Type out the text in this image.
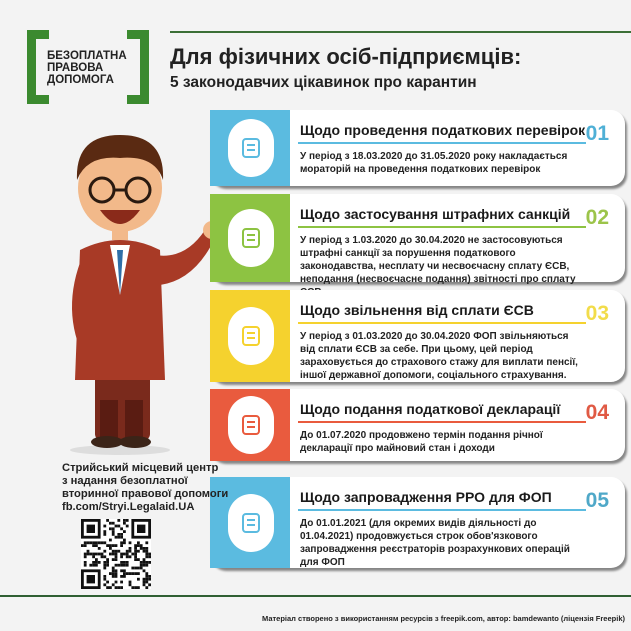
БЕЗОПЛАТНА
ПРАВОВА
ДОПОМОГА
Для фізичних осіб-підприємців:
5 законодавчих цікавинок про карантин
Щодо проведення податкових перевірок 01

У період з 18.03.2020 до 31.05.2020 року накладається мораторій на проведення податкових перевірок

Щодо застосування штрафних санкцій 02

У період з 1.03.2020 до 30.04.2020 не застосовуються штрафні санкції за порушення податкового законодавства, несплату чи несвоєчасну сплату ЄСВ, неподання (несвоєчасне подання) звітності про сплату

Щодо звільнення від сплати ЄСВ 03

У період з 01.03.2020 до 30.04.2020 ФОП звільняються від сплати ЄСВ за себе. При цьому, цей період зараховується до страхового стажу для виплати пенсії, іншої державної допомоги, соціального страхування.

Щодо подання податкової декларації 04

До 01.07.2020 продовжено термін подання річної декларації про майновий стан і доходи

Щодо запровадження РРО для ФОП 05

До 01.01.2021 (для окремих видів діяльності до 01.04.2021) продовжується строк обов'язкового запровадження реєстраторів розрахункових операцій для ФОП

Стрийський місцевий центр
з надання безоплатної
вторинної правової допомоги
fb.com/Stryi.Legalaid.UA
Матеріал створено з використанням ресурсів з freepik.com, автор: bamdewanto (ліцензія Freepik)
